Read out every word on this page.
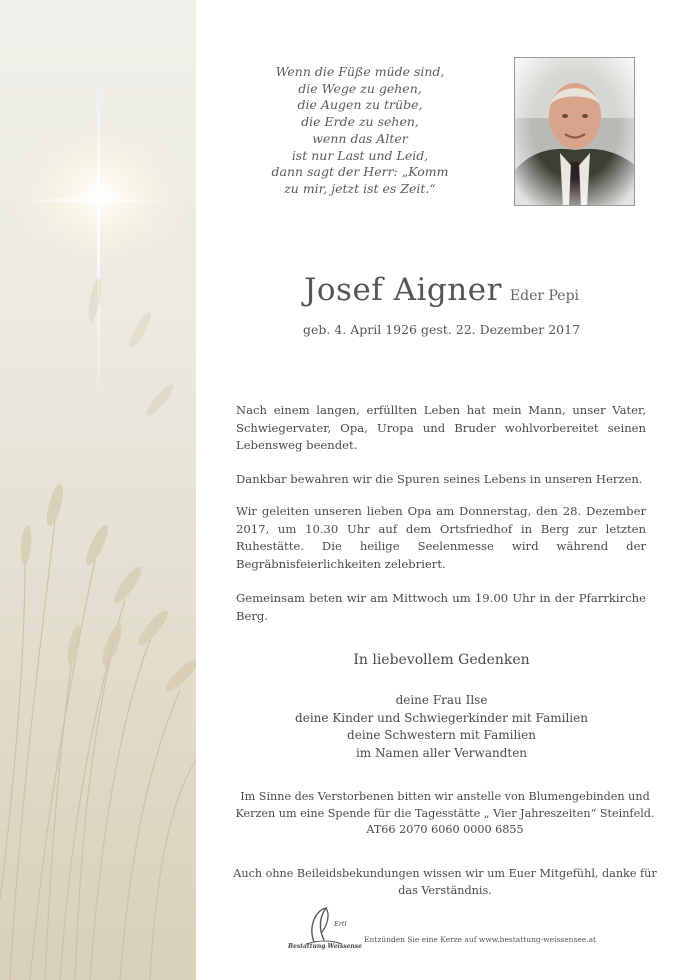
Wenn die Füße müde sind,
die Wege zu gehen,
die Augen zu trübe,
die Erde zu sehen,
wenn das Alter
ist nur Last und Leid,
dann sagt der Herr: „Komm
zu mir, jetzt ist es Zeit.“
Josef Aigner Eder Pepi
geb. 4. April 1926 gest. 22. Dezember 2017
Nach einem langen, erfüllten Leben hat mein Mann, unser Vater, Schwiegervater, Opa, Uropa und Bruder wohlvorbereitet seinen Lebensweg beendet.
Dankbar bewahren wir die Spuren seines Lebens in unseren Herzen.
Wir geleiten unseren lieben Opa am Donnerstag, den 28. Dezember 2017, um 10.30 Uhr auf dem Ortsfriedhof in Berg zur letzten Ruhestätte. Die heilige Seelenmesse wird während der Begräbnisfeierlichkeiten zelebriert.
Gemeinsam beten wir am Mittwoch um 19.00 Uhr in der Pfarrkirche Berg.
In liebevollem Gedenken
deine Frau Ilse
deine Kinder und Schwiegerkinder mit Familien
deine Schwestern mit Familien
im Namen aller Verwandten
Im Sinne des Verstorbenen bitten wir anstelle von Blumengebinden und
Kerzen um eine Spende für die Tagesstätte „ Vier Jahreszeiten“ Steinfeld.
AT66 2070 6060 0000 6855
Auch ohne Beileidsbekundungen wissen wir um Euer Mitgefühl, danke für
das Verständnis.
Ertl
Bestattung Weissensee
Entzünden Sie eine Kerze auf www.bestattung-weissensee.at
